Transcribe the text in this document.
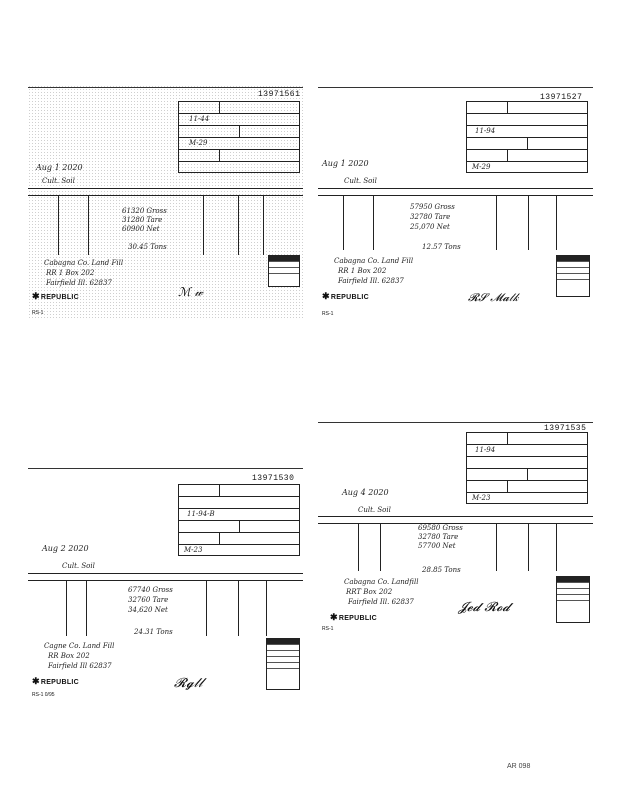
13971561
11-44
M-29
Aug 1 2020
Cult. Soil
61320 Gross
31280 Tare
60900 Net
30.45 Tons
Cabagna Co. Land Fill
RR 1 Box 202
Fairfield Ill. 62837
✱REPUBLIC
RS-1
ℳ 𝓌
13971527
11-94
M-29
Aug 1 2020
Cult. Soil
57950 Gross
32780 Tare
25,070 Net
12.57 Tons
Cabagna Co. Land Fill
RR 1 Box 202
Fairfield Ill. 62837
✱REPUBLIC
RS-1
𝓡𝓢 𝓜𝓪𝓁𝓀
13971530
11-94-B
M-23
Aug 2 2020
Cult. Soil
67740 Gross
32760 Tare
34,620 Net
24.31 Tons
Cagne Co. Land Fill
RR Box 202
Fairfield Ill 62837
✱REPUBLIC
RS-1 0/95
𝓡𝓰𝓁𝓁
13971535
11-94
M-23
Aug 4 2020
Cult. Soil
69580 Gross
32780 Tare
57700 Net
28.85 Tons
Cabagna Co. Landfill
RRT Box 202
Fairfield Ill. 62837
✱REPUBLIC
RS-1
𝓙𝓮𝓭 𝓡𝓸𝓭
AR 098
